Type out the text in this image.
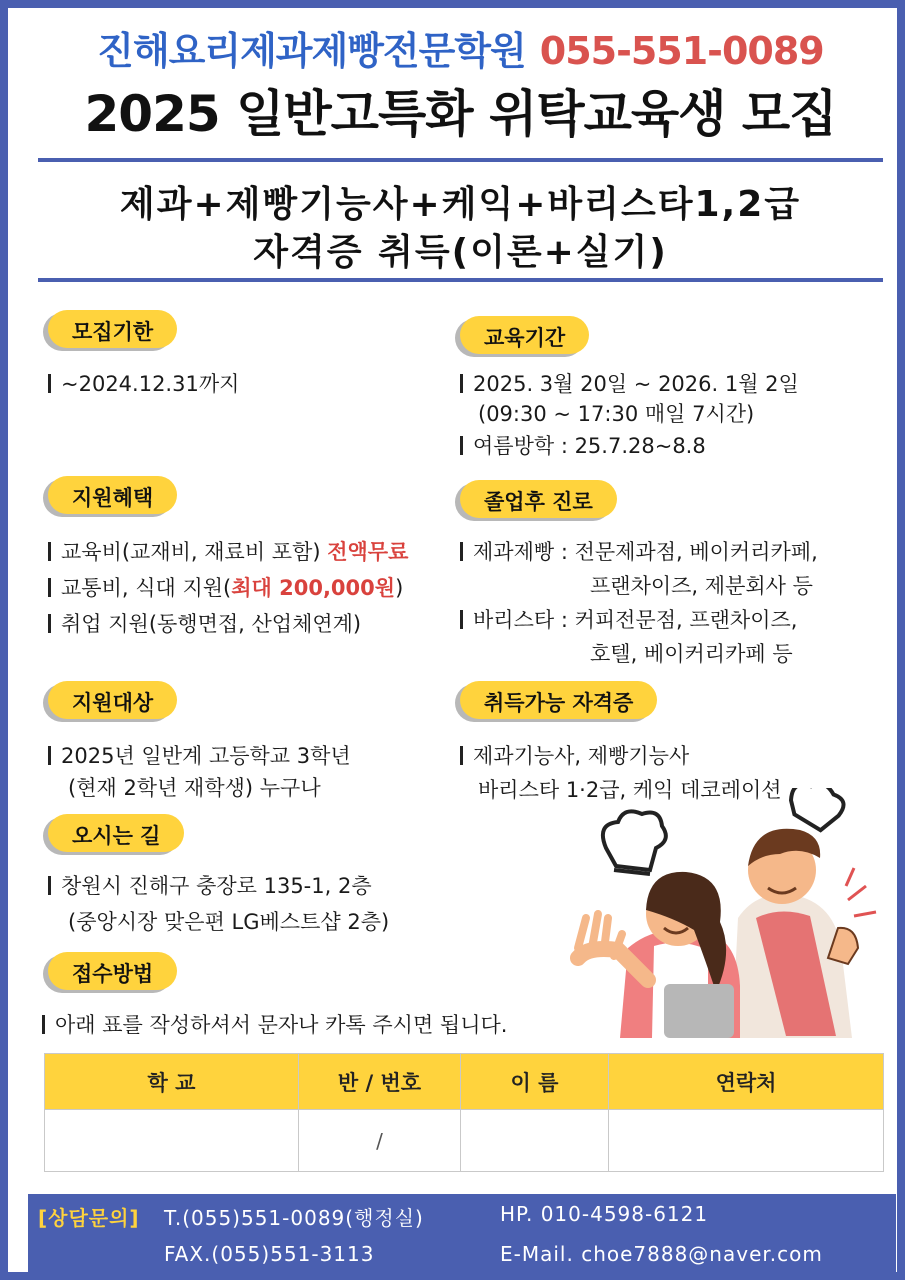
진해요리제과제빵전문학원 055-551-0089
2025 일반고특화 위탁교육생 모집
제과+제빵기능사+케익+바리스타1,2급
자격증 취득(이론+실기)
모집기한
~2024.12.31까지
지원혜택
교육비(교재비, 재료비 포함) 전액무료
교통비, 식대 지원(최대 200,000원)
취업 지원(동행면접, 산업체연계)
지원대상
2025년 일반계 고등학교 3학년
(현재 2학년 재학생) 누구나
오시는 길
창원시 진해구 충장로 135-1, 2층
(중앙시장 맞은편 LG베스트샵 2층)
접수방법
아래 표를 작성하셔서 문자나 카톡 주시면 됩니다.
교육기간
2025. 3월 20일 ~ 2026. 1월 2일
(09:30 ~ 17:30 매일 7시간)
여름방학 : 25.7.28~8.8
졸업후 진로
제과제빵 : 전문제과점, 베이커리카페,
프랜차이즈, 제분회사 등
바리스타 : 커피전문점, 프랜차이즈,
호텔, 베이커리카페 등
취득가능 자격증
제과기능사, 제빵기능사
바리스타 1·2급, 케익 데코레이션
학 교	반 / 번호	이 름	연락처
	/		
[상담문의] T.(055)551-0089(행정실)	HP. 010-4598-6121
FAX.(055)551-3113	E-Mail. choe7888@naver.com
